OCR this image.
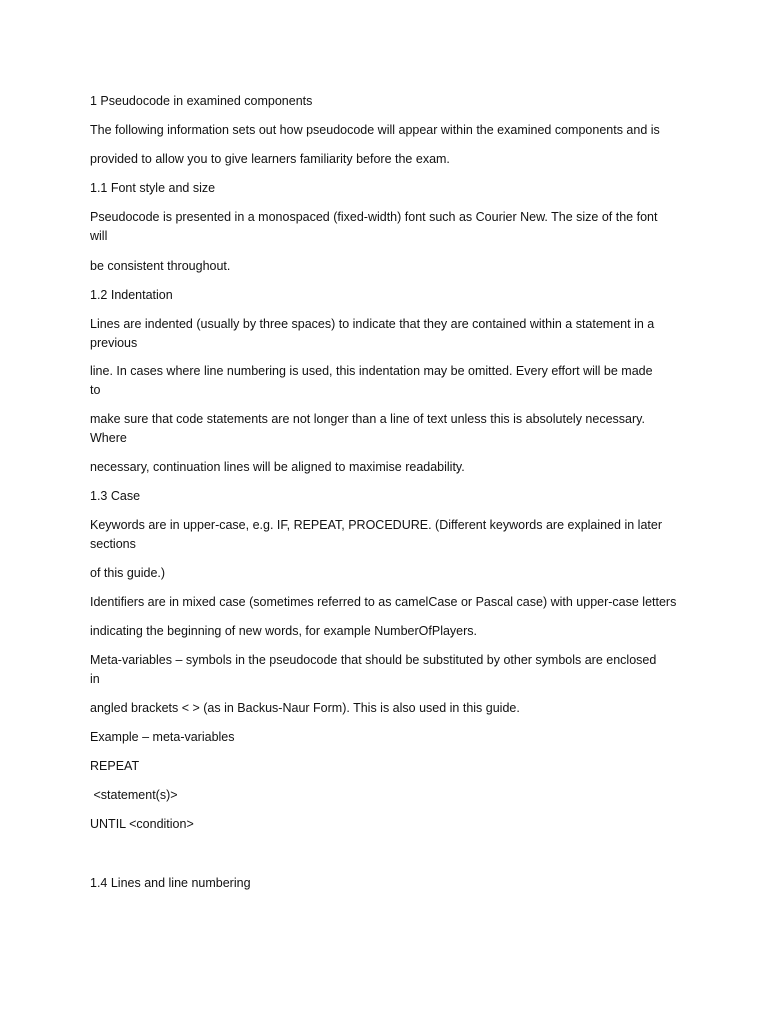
1 Pseudocode in examined components

The following information sets out how pseudocode will appear within the examined components and is

provided to allow you to give learners familiarity before the exam.

1.1 Font style and size

Pseudocode is presented in a monospaced (fixed-width) font such as Courier New. The size of the font
will

be consistent throughout.

1.2 Indentation

Lines are indented (usually by three spaces) to indicate that they are contained within a statement in a
previous

line. In cases where line numbering is used, this indentation may be omitted. Every effort will be made
to

make sure that code statements are not longer than a line of text unless this is absolutely necessary.
Where

necessary, continuation lines will be aligned to maximise readability.

1.3 Case

Keywords are in upper-case, e.g. IF, REPEAT, PROCEDURE. (Different keywords are explained in later
sections

of this guide.)

Identifiers are in mixed case (sometimes referred to as camelCase or Pascal case) with upper-case letters

indicating the beginning of new words, for example NumberOfPlayers.

Meta-variables – symbols in the pseudocode that should be substituted by other symbols are enclosed
in

angled brackets < > (as in Backus-Naur Form). This is also used in this guide.

Example – meta-variables

REPEAT

<statement(s)>

UNTIL <condition>

1.4 Lines and line numbering
